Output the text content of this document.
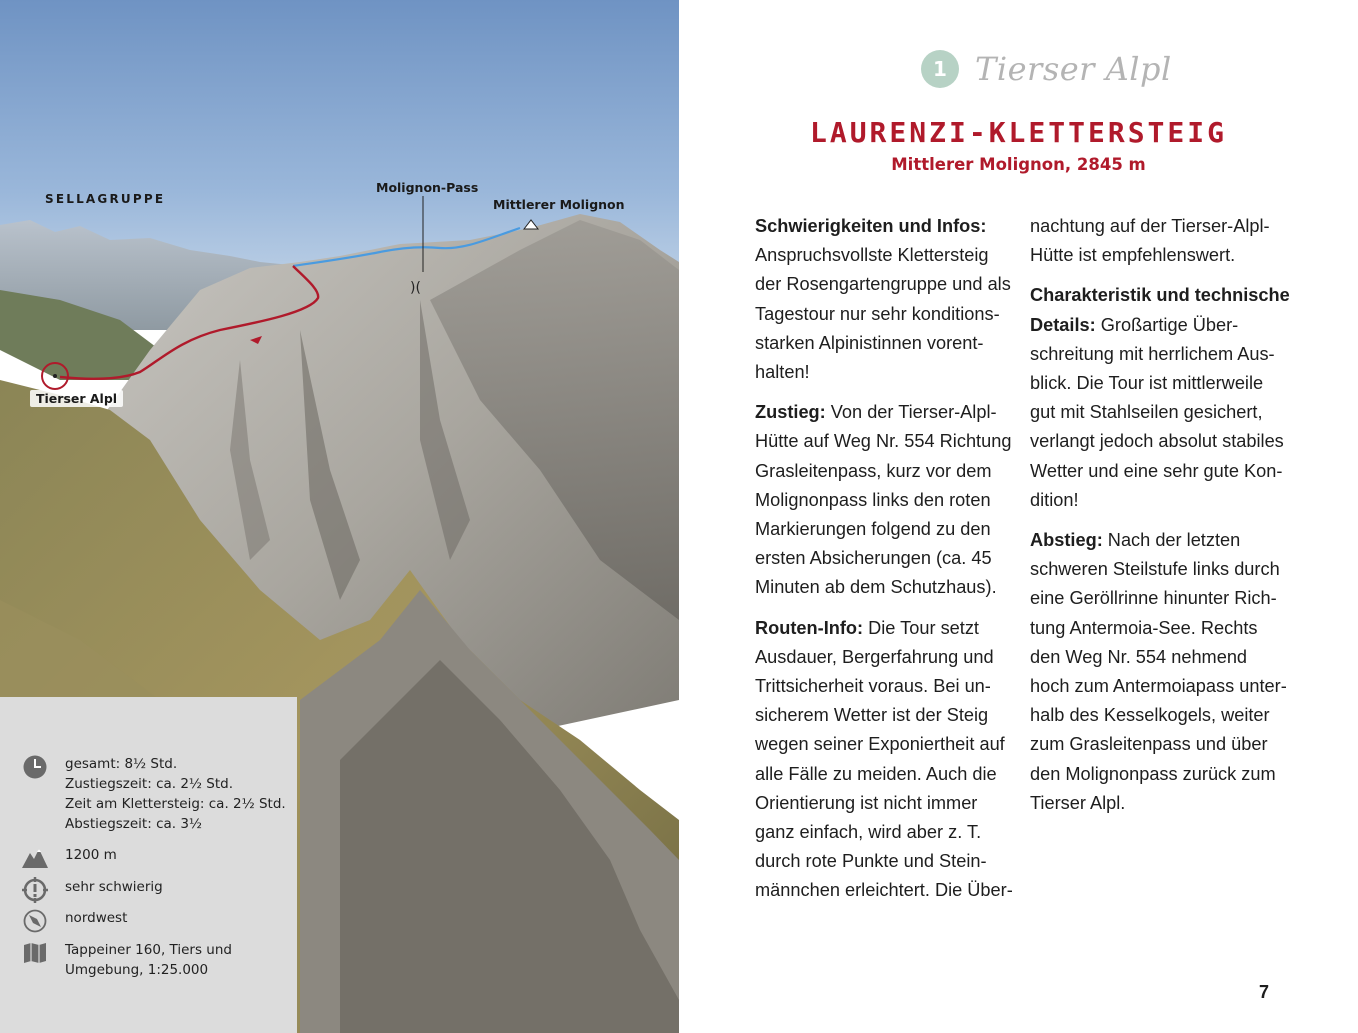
)(
SELLAGRUPPE
Molignon-Pass
Mittlerer Molignon
Tierser Alpl
gesamt: 8½ Std.
Zustiegszeit: ca. 2½ Std.
Zeit am Klettersteig: ca. 2½ Std.
Abstiegszeit: ca. 3½
1200 m
sehr schwierig
nordwest
Tappeiner 160, Tiers und
Umgebung, 1:25.000
1 Tierser Alpl
LAURENZI-KLETTERSTEIG
Mittlerer Molignon, 2845 m

Schwierigkeiten und Infos:
Anspruchsvollste Klettersteig
der Rosengartengruppe und als
Tagestour nur sehr konditions-
starken Alpinistinnen vorent-
halten!

Zustieg: Von der Tierser-Alpl-
Hütte auf Weg Nr. 554 Richtung
Grasleitenpass, kurz vor dem
Molignonpass links den roten
Markierungen folgend zu den
ersten Absicherungen (ca. 45
Minuten ab dem Schutzhaus).

Routen-Info: Die Tour setzt
Ausdauer, Bergerfahrung und
Trittsicherheit voraus. Bei un-
sicherem Wetter ist der Steig
wegen seiner Exponiertheit auf
alle Fälle zu meiden. Auch die
Orientierung ist nicht immer
ganz einfach, wird aber z. T.
durch rote Punkte und Stein-
männchen erleichtert. Die Über-

nachtung auf der Tierser-Alpl-
Hütte ist empfehlenswert.

Charakteristik und technische
Details: Großartige Über-
schreitung mit herrlichem Aus-
blick. Die Tour ist mittlerweile
gut mit Stahlseilen gesichert,
verlangt jedoch absolut stabiles
Wetter und eine sehr gute Kon-
dition!

Abstieg: Nach der letzten
schweren Steilstufe links durch
eine Geröllrinne hinunter Rich-
tung Antermoia-See. Rechts
den Weg Nr. 554 nehmend
hoch zum Antermoiapass unter-
halb des Kesselkogels, weiter
zum Grasleitenpass und über
den Molignonpass zurück zum
Tierser Alpl.

7
